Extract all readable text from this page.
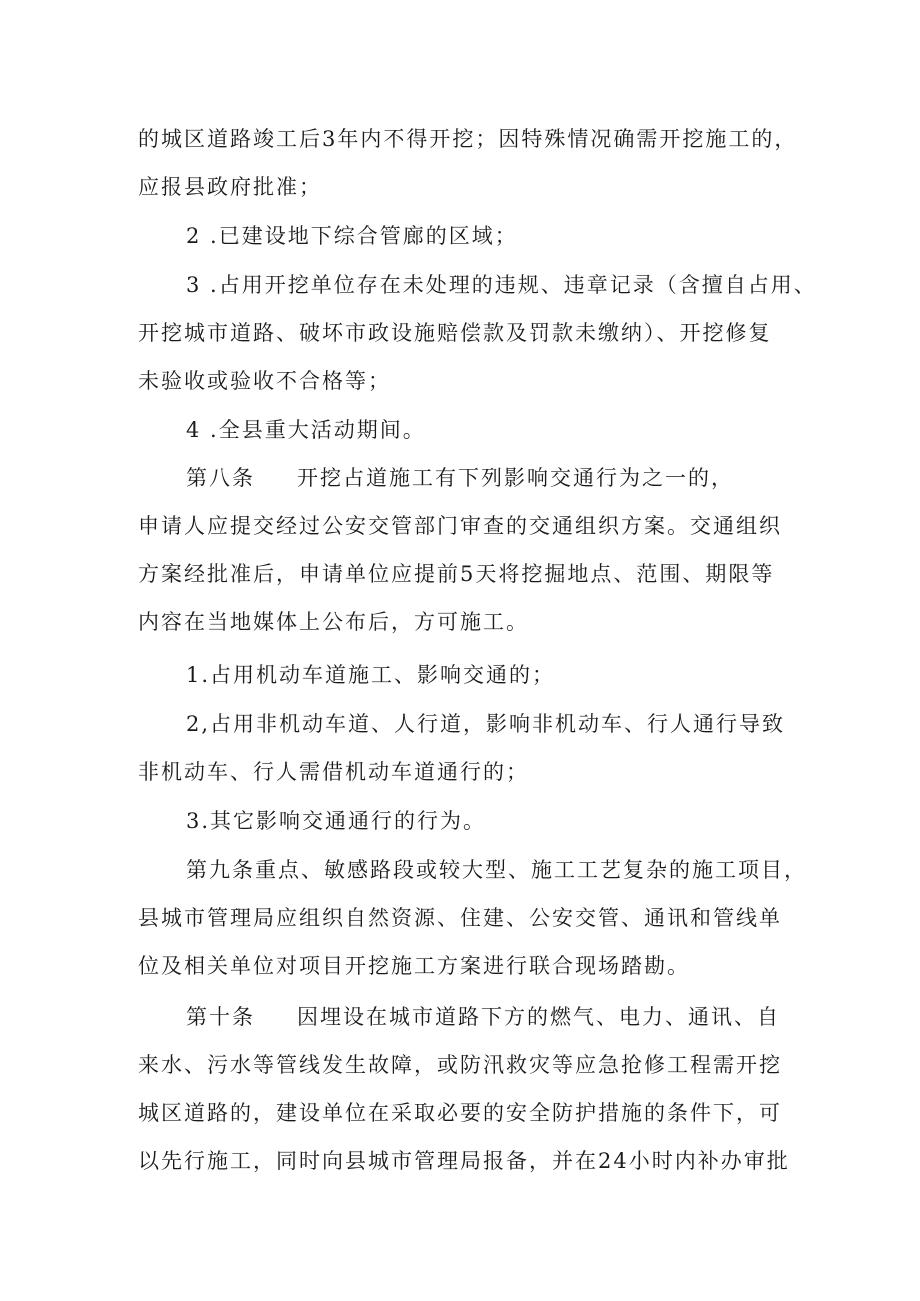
的城区道路竣工后3年内不得开挖；因特殊情况确需开挖施工的，
应报县政府批准；
2 .已建设地下综合管廊的区域；
3 .占用开挖单位存在未处理的违规、违章记录（含擅自占用、
开挖城市道路、破坏市政设施赔偿款及罚款未缴纳）、开挖修复
未验收或验收不合格等；
4 .全县重大活动期间。
第八条 开挖占道施工有下列影响交通行为之一的，
申请人应提交经过公安交管部门审查的交通组织方案。交通组织
方案经批准后，申请单位应提前5天将挖掘地点、范围、期限等
内容在当地媒体上公布后，方可施工。
1.占用机动车道施工、影响交通的；
2,占用非机动车道、人行道，影响非机动车、行人通行导致
非机动车、行人需借机动车道通行的；
3.其它影响交通通行的行为。
第九条重点、敏感路段或较大型、施工工艺复杂的施工项目，
县城市管理局应组织自然资源、住建、公安交管、通讯和管线单
位及相关单位对项目开挖施工方案进行联合现场踏勘。
第十条 因埋设在城市道路下方的燃气、电力、通讯、自
来水、污水等管线发生故障，或防汛救灾等应急抢修工程需开挖
城区道路的，建设单位在采取必要的安全防护措施的条件下，可
以先行施工，同时向县城市管理局报备，并在24小时内补办审批
